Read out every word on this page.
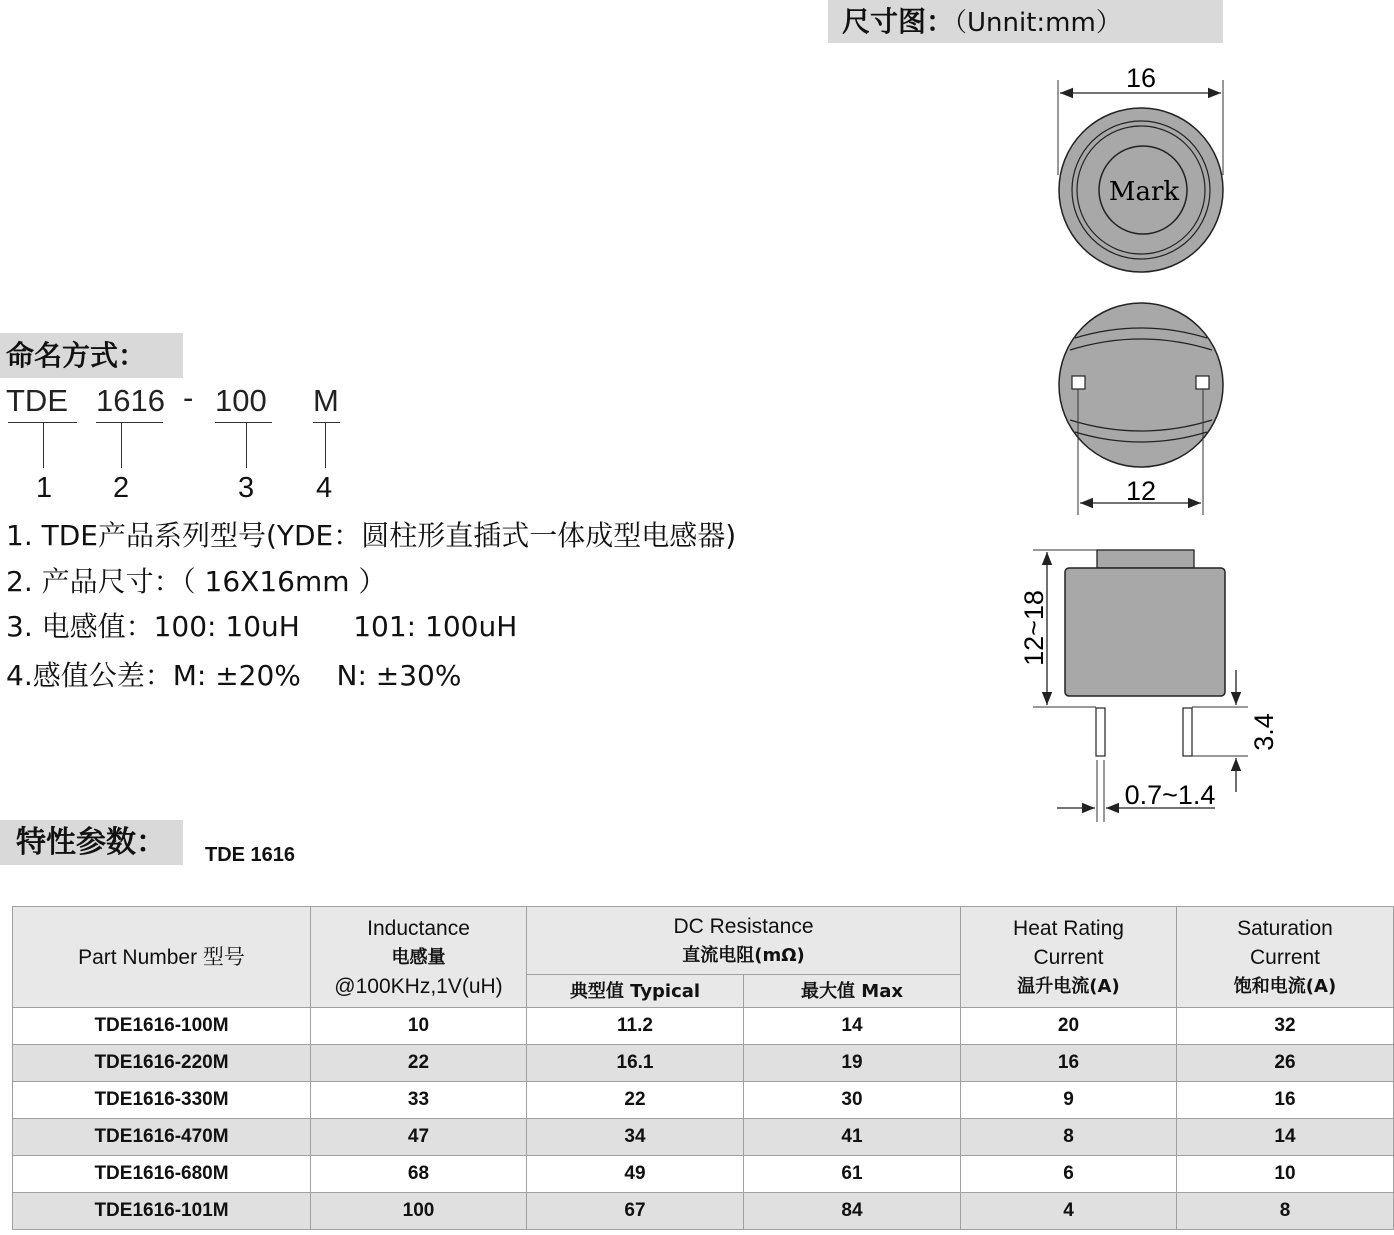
尺寸图：（Unnit:mm）
16
Mark
12
12~18
3.4
0.7~1.4
命名方式：
TDE 1616 - 100 M
1 2	3 4
1. TDE产品系列型号(YDE：圆柱形直插式一体成型电感器)
2. 产品尺寸：（ 16X16mm ）
3. 电感值：100: 10uH      101: 100uH
4.感值公差：M: ±20%    N: ±30%
特性参数：	TDE 1616
Part Number 型号	Inductance
电感量
@100KHz,1V(uH)	DC Resistance
直流电阻(mΩ)		Heat Rating
Current
温升电流(A)	Saturation
Current
饱和电流(A)

		典型值 Typical	最大值 Max		
TDE1616-100M	10	11.2	14	20	32
TDE1616-220M	22	16.1	19	16	26
TDE1616-330M	33	22	30	9	16
TDE1616-470M	47	34	41	8	14
TDE1616-680M	68	49	61	6	10
TDE1616-101M	100	67	84	4	8
